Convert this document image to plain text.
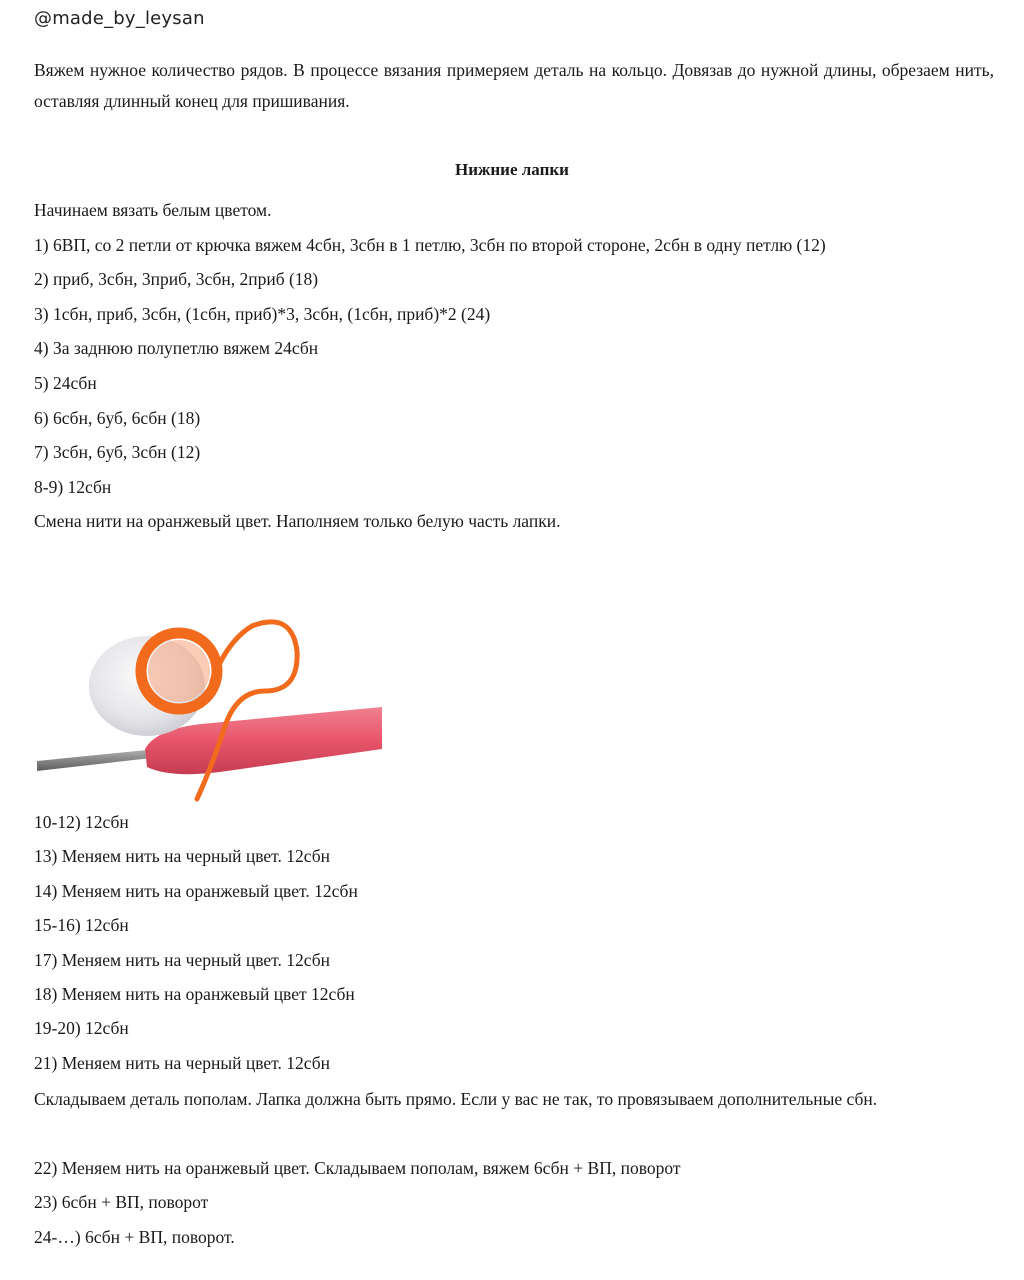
@made_by_leysan
Вяжем нужное количество рядов. В процессе вязания примеряем деталь на кольцо. Довязав до нужной длины, обрезаем нить, оставляя длинный конец для пришивания.
Нижние лапки
Начинаем вязать белым цветом.
1) 6ВП, со 2 петли от крючка вяжем 4сбн, 3сбн в 1 петлю, 3сбн по второй стороне, 2сбн в одну петлю (12)
2) приб, 3сбн, 3приб, 3сбн, 2приб (18)
3) 1сбн, приб, 3сбн, (1сбн, приб)*3, 3сбн, (1сбн, приб)*2 (24)
4) За заднюю полупетлю вяжем 24сбн
5) 24сбн
6) 6сбн, 6уб, 6сбн (18)
7) 3сбн, 6уб, 3сбн (12)
8-9) 12сбн
Смена нити на оранжевый цвет. Наполняем только белую часть лапки.
10-12) 12сбн
13) Меняем нить на черный цвет. 12сбн
14) Меняем нить на оранжевый цвет. 12сбн
15-16) 12сбн
17) Меняем нить на черный цвет. 12сбн
18) Меняем нить на оранжевый цвет 12сбн
19-20) 12сбн
21) Меняем нить на черный цвет. 12сбн
Складываем деталь пополам. Лапка должна быть прямо. Если у вас не так, то провязываем дополнительные сбн.
22) Меняем нить на оранжевый цвет. Складываем пополам, вяжем 6сбн + ВП, поворот
23) 6сбн + ВП, поворот
24-…) 6сбн + ВП, поворот.
